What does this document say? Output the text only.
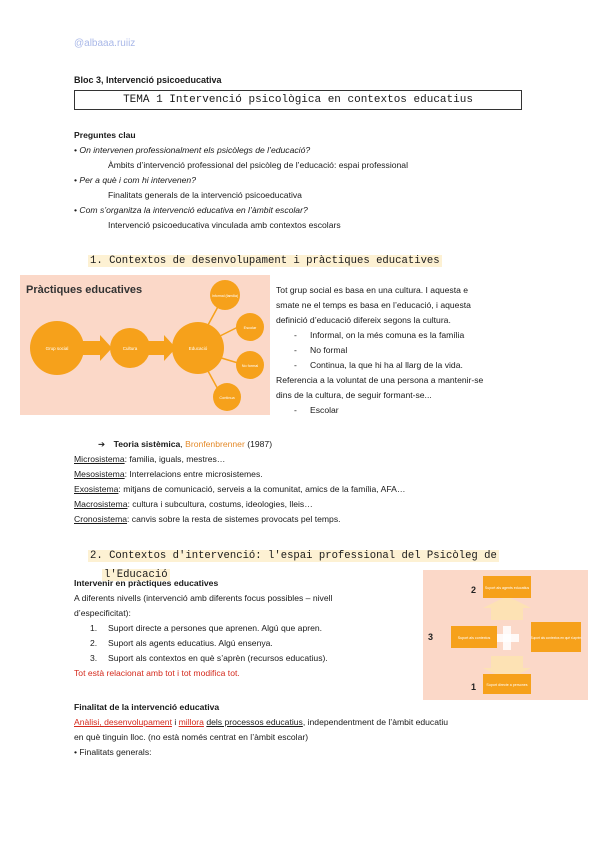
@albaaa.ruiiz
Bloc 3, Intervenció psicoeducativa
TEMA 1 Intervenció psicològica en contextos educatius
Preguntes clau
• On intervenen professionalment els psicòlegs de l’educació?
Àmbits d’intervenció professional del psicòleg de l’educació: espai professional
• Per a què i com hi intervenen?
Finalitats generals de la intervenció psicoeducativa
• Com s’organitza la intervenció educativa en l’àmbit escolar?
Intervenció psicoeducativa vinculada amb contextos escolars
1. Contextos de desenvolupament i pràctiques educatives
Pràctiques educatives
Grup social	Cultura	Educació
Informal (família)
Escolar
No formal
Continua
Tot grup social es basa en una cultura. I aquesta e
smate ne el temps es basa en l’educació, i aquesta
definició d’educació difereix segons la cultura.
- Informal, on la més comuna es la família
- No formal
- Continua, la que hi ha al llarg de la vida.
Referencia a la voluntat de una persona a mantenir-se
dins de la cultura, de seguir formant-se...
- Escolar
➔ Teoria sistèmica, Bronfenbrenner (1987)
Microsistema: familia, iguals, mestres…
Mesosistema: Interrelacions entre microsistemes.
Exosistema: mitjans de comunicació, serveis a la comunitat, amics de la família, AFA…
Macrosistema: cultura i subcultura, costums, ideologies, lleis…
Cronosistema: canvis sobre la resta de sistemes provocats pel temps.
2. Contextos d'intervenció: l'espai professional del Psicòleg de
l'Educació
Intervenir en pràctiques educatives
A diferents nivells (intervenció amb diferents focus possibles – nivell
d’especificitat):
1. Suport directe a persones que aprenen. Algú que apren.
2. Suport als agents educatius. Algú ensenya.
3. Suport als contextos en què s’aprèn (recursos educatius).
Tot està relacionat amb tot i tot modifica tot.
Suport als agents educatius
Suport als contextos
Suport directe a persones
Suport als contextos en què s’aprèn
2
3
1
Finalitat de la intervenció educativa
Anàlisi, desenvolupament i millora dels processos educatius, independentment de l’àmbit educatiu
en què tinguin lloc. (no està només centrat en l’àmbit escolar)
• Finalitats generals:
